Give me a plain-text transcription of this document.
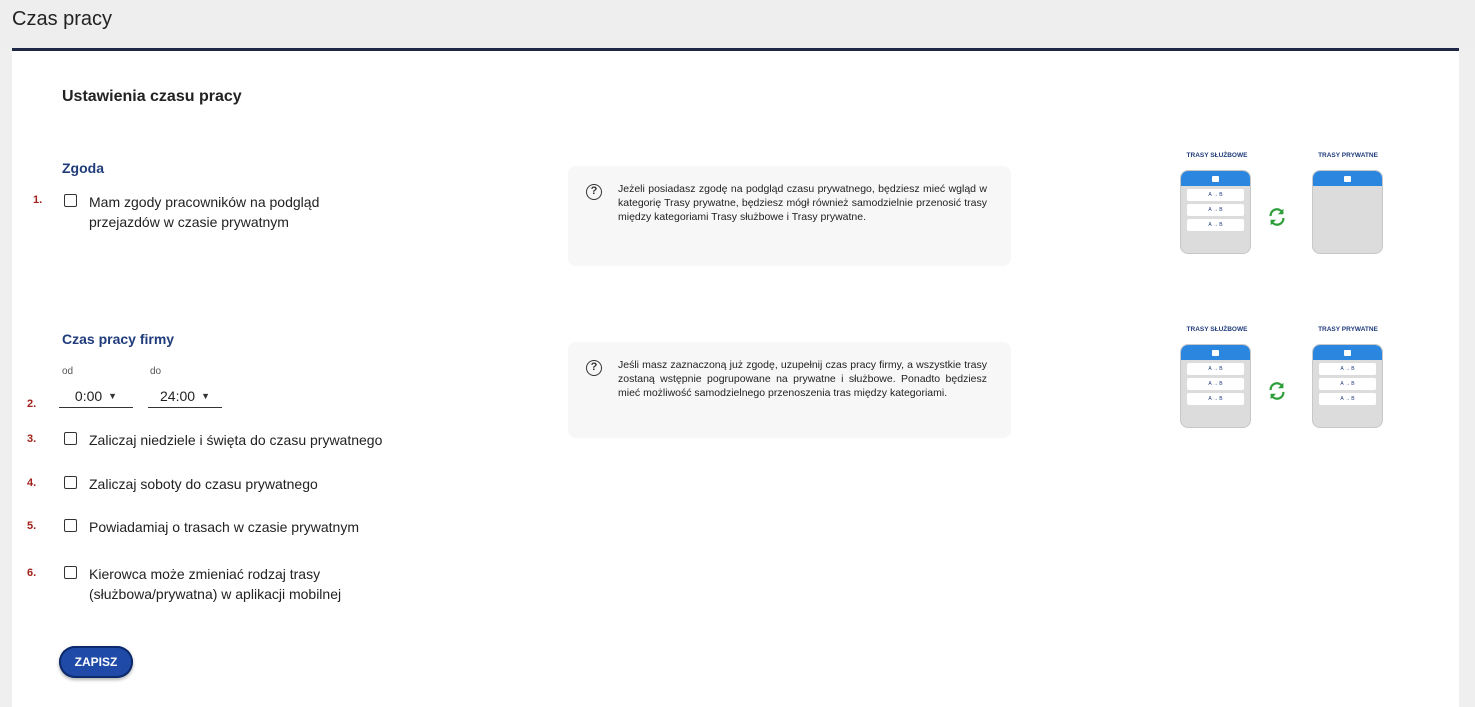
Czas pracy
Ustawienia czasu pracy
Zgoda
1.	Mam zgody pracowników na podgląd
przejazdów w czasie prywatnym
?	Jeżeli posiadasz zgodę na podgląd czasu prywatnego, będziesz mieć wgląd w kategorię Trasy prywatne, będziesz mógł również samodzielnie przenosić trasy między kategoriami Trasy służbowe i Trasy prywatne.
Czas pracy firmy
od	do
2.
0:00 ▼	24:00 ▼
?	Jeśli masz zaznaczoną już zgodę, uzupełnij czas pracy firmy, a wszystkie trasy zostaną wstępnie pogrupowane na prywatne i służbowe. Ponadto będziesz mieć możliwość samodzielnego przenoszenia tras między kategoriami.
3.	Zaliczaj niedziele i święta do czasu prywatnego
4.	Zaliczaj soboty do czasu prywatnego
5.	Powiadamiaj o trasach w czasie prywatnym
6.	Kierowca może zmieniać rodzaj trasy
(służbowa/prywatna) w aplikacji mobilnej
ZAPISZ
TRASY SŁUŻBOWE	TRASY PRYWATNE
A → B
A → B
A → B
TRASY SŁUŻBOWE	TRASY PRYWATNE
A → B
A → B
A → B
A → B
A → B
A → B
